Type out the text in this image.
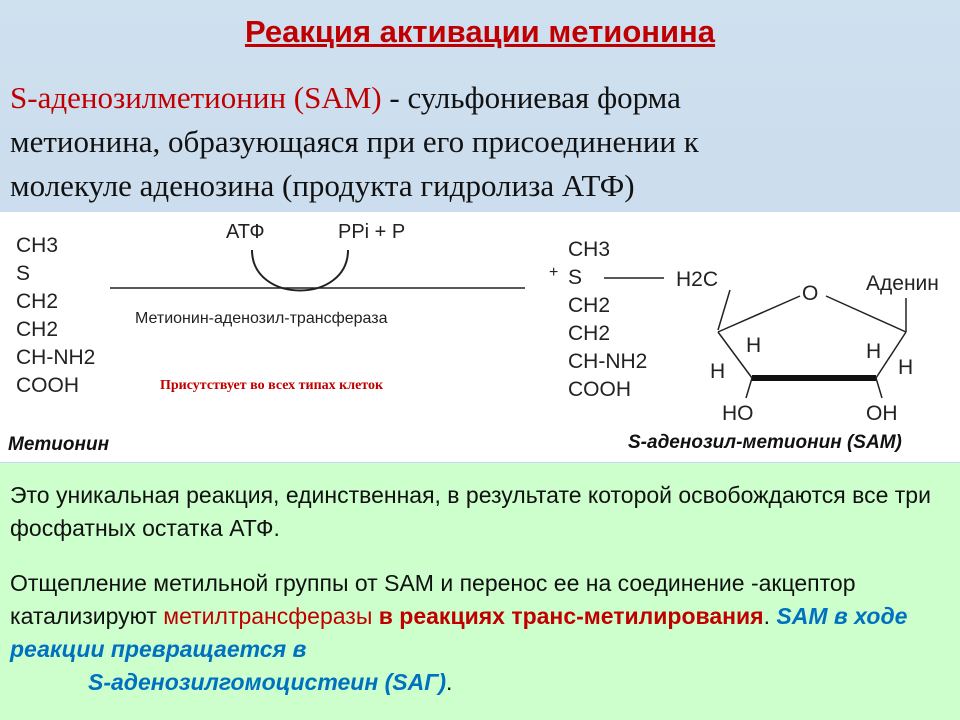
Реакция активации метионина
S-аденозилметионин (SAM) - сульфониевая форма
метионина, образующаяся при его присоединении к
молекуле аденозина (продукта гидролиза АТФ)
CH3
S
CH2
CH2
CH-NH2
COOH
Метионин
АТФ	PPi + P
Метионин-аденозил-трансфераза
Присутствует во всех типах клеток
CH3
+ S
CH2
CH2
CH-NH2
COOH
H2C
O Аденин
H
H
H
H
HO	OH
S-аденозил-метионин (SAM)
Это уникальная реакция, единственная, в результате которой освобождаются все три фосфатных остатка АТФ.
Отщепление метильной группы от SAM и перенос ее на соединение -акцептор катализируют метилтрансферазы в реакциях транс-метилирования. SAM в ходе реакции превращается в
S-аденозилгомоцистеин (SAГ).
